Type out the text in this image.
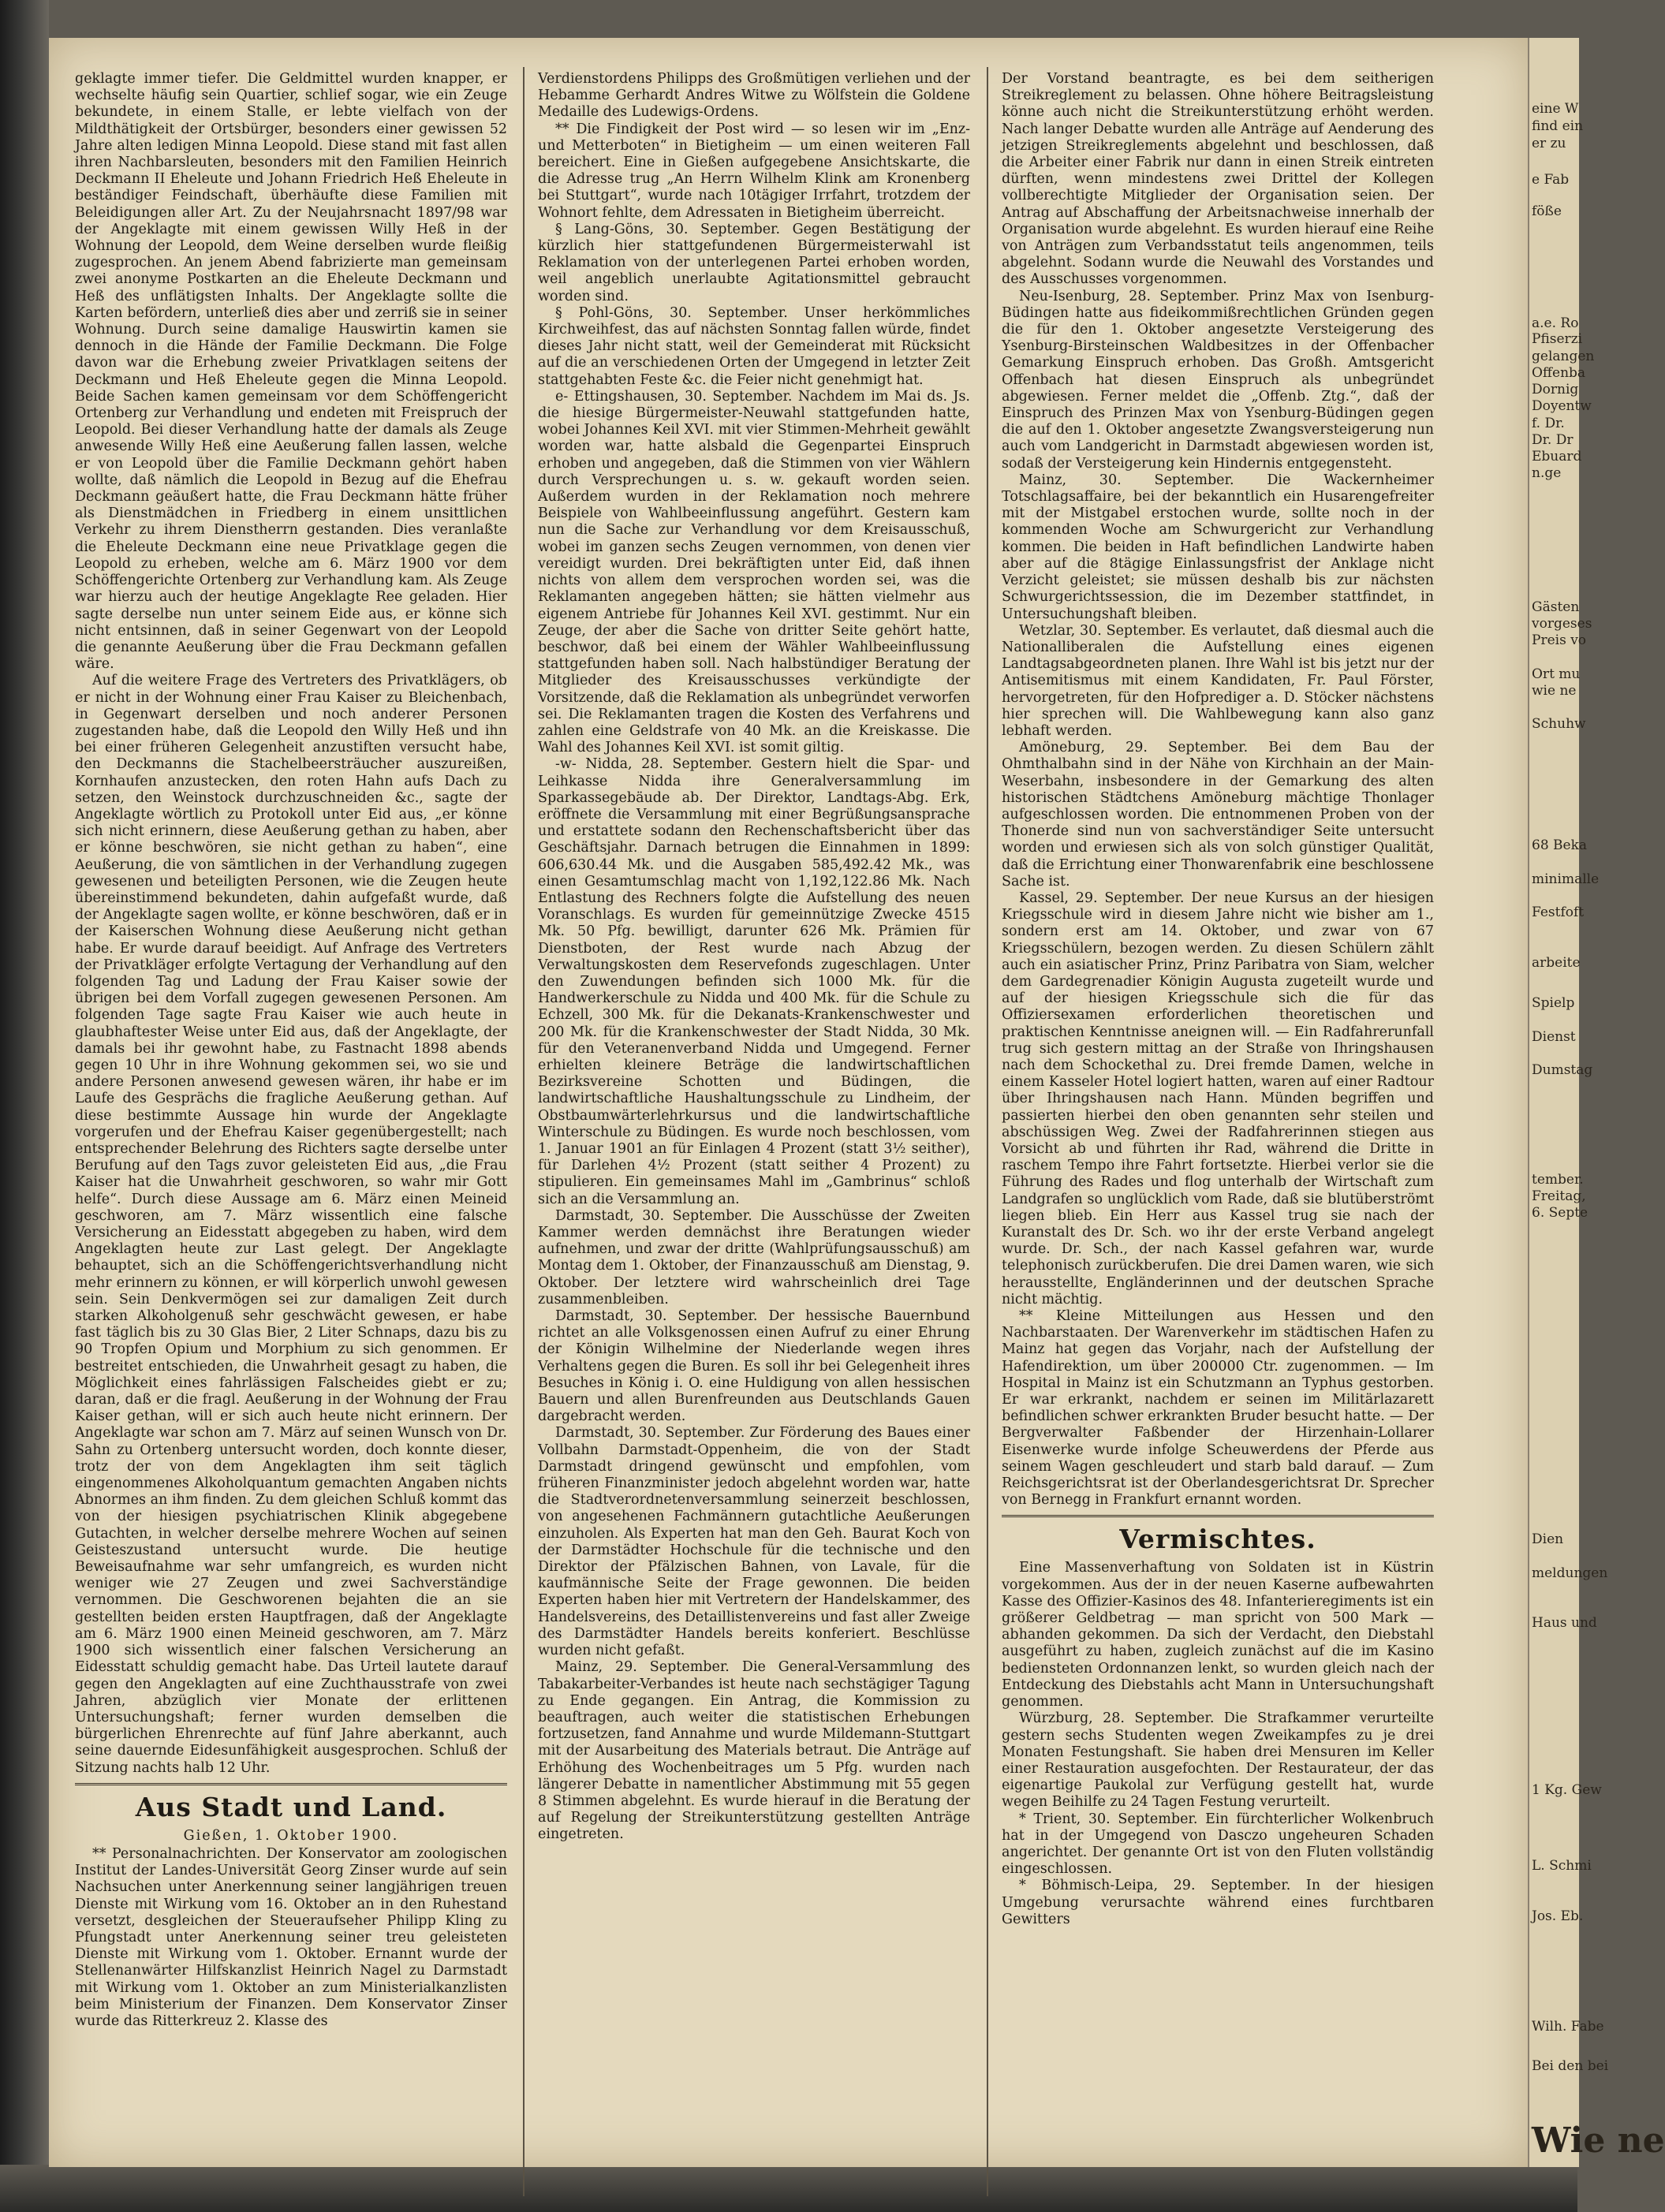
geklagte immer tiefer. Die Geldmittel wurden knapper, er wechselte häufig sein Quartier, schlief sogar, wie ein Zeuge bekundete, in einem Stalle, er lebte vielfach von der Mildthätigkeit der Ortsbürger, besonders einer gewissen 52 Jahre alten ledigen Minna Leopold. Diese stand mit fast allen ihren Nachbarsleuten, besonders mit den Familien Heinrich Deckmann II Eheleute und Johann Friedrich Heß Eheleute in beständiger Feindschaft, überhäufte diese Familien mit Beleidigungen aller Art. Zu der Neujahrsnacht 1897/98 war der Angeklagte mit einem gewissen Willy Heß in der Wohnung der Leopold, dem Weine derselben wurde fleißig zugesprochen. An jenem Abend fabrizierte man gemeinsam zwei anonyme Postkarten an die Eheleute Deckmann und Heß des unflätigsten Inhalts. Der Angeklagte sollte die Karten befördern, unterließ dies aber und zerriß sie in seiner Wohnung. Durch seine damalige Hauswirtin kamen sie dennoch in die Hände der Familie Deckmann. Die Folge davon war die Erhebung zweier Privatklagen seitens der Deckmann und Heß Eheleute gegen die Minna Leopold. Beide Sachen kamen gemeinsam vor dem Schöffengericht Ortenberg zur Verhandlung und endeten mit Freispruch der Leopold. Bei dieser Verhandlung hatte der damals als Zeuge anwesende Willy Heß eine Aeußerung fallen lassen, welche er von Leopold über die Familie Deckmann gehört haben wollte, daß nämlich die Leopold in Bezug auf die Ehefrau Deckmann geäußert hatte, die Frau Deckmann hätte früher als Dienstmädchen in Friedberg in einem unsittlichen Verkehr zu ihrem Dienstherrn gestanden. Dies veranlaßte die Eheleute Deckmann eine neue Privatklage gegen die Leopold zu erheben, welche am 6. März 1900 vor dem Schöffengerichte Ortenberg zur Verhandlung kam. Als Zeuge war hierzu auch der heutige Angeklagte Ree geladen. Hier sagte derselbe nun unter seinem Eide aus, er könne sich nicht entsinnen, daß in seiner Gegenwart von der Leopold die genannte Aeußerung über die Frau Deckmann gefallen wäre.

Auf die weitere Frage des Vertreters des Privatklägers, ob er nicht in der Wohnung einer Frau Kaiser zu Bleichenbach, in Gegenwart derselben und noch anderer Personen zugestanden habe, daß die Leopold den Willy Heß und ihn bei einer früheren Gelegenheit anzustiften versucht habe, den Deckmanns die Stachelbeersträucher auszureißen, Kornhaufen anzustecken, den roten Hahn aufs Dach zu setzen, den Weinstock durchzuschneiden &c., sagte der Angeklagte wörtlich zu Protokoll unter Eid aus, „er könne sich nicht erinnern, diese Aeußerung gethan zu haben, aber er könne beschwören, sie nicht gethan zu haben“, eine Aeußerung, die von sämtlichen in der Verhandlung zugegen gewesenen und beteiligten Personen, wie die Zeugen heute übereinstimmend bekundeten, dahin aufgefaßt wurde, daß der Angeklagte sagen wollte, er könne beschwören, daß er in der Kaiserschen Wohnung diese Aeußerung nicht gethan habe. Er wurde darauf beeidigt. Auf Anfrage des Vertreters der Privatkläger erfolgte Vertagung der Verhandlung auf den folgenden Tag und Ladung der Frau Kaiser sowie der übrigen bei dem Vorfall zugegen gewesenen Personen. Am folgenden Tage sagte Frau Kaiser wie auch heute in glaubhaftester Weise unter Eid aus, daß der Angeklagte, der damals bei ihr gewohnt habe, zu Fastnacht 1898 abends gegen 10 Uhr in ihre Wohnung gekommen sei, wo sie und andere Personen anwesend gewesen wären, ihr habe er im Laufe des Gesprächs die fragliche Aeußerung gethan. Auf diese bestimmte Aussage hin wurde der Angeklagte vorgerufen und der Ehefrau Kaiser gegenübergestellt; nach entsprechender Belehrung des Richters sagte derselbe unter Berufung auf den Tags zuvor geleisteten Eid aus, „die Frau Kaiser hat die Unwahrheit geschworen, so wahr mir Gott helfe“. Durch diese Aussage am 6. März einen Meineid geschworen, am 7. März wissentlich eine falsche Versicherung an Eidesstatt abgegeben zu haben, wird dem Angeklagten heute zur Last gelegt. Der Angeklagte behauptet, sich an die Schöffengerichtsverhandlung nicht mehr erinnern zu können, er will körperlich unwohl gewesen sein. Sein Denkvermögen sei zur damaligen Zeit durch starken Alkoholgenuß sehr geschwächt gewesen, er habe fast täglich bis zu 30 Glas Bier, 2 Liter Schnaps, dazu bis zu 90 Tropfen Opium und Morphium zu sich genommen. Er bestreitet entschieden, die Unwahrheit gesagt zu haben, die Möglichkeit eines fahrlässigen Falscheides giebt er zu; daran, daß er die fragl. Aeußerung in der Wohnung der Frau Kaiser gethan, will er sich auch heute nicht erinnern. Der Angeklagte war schon am 7. März auf seinen Wunsch von Dr. Sahn zu Ortenberg untersucht worden, doch konnte dieser, trotz der von dem Angeklagten ihm seit täglich eingenommenes Alkoholquantum gemachten Angaben nichts Abnormes an ihm finden. Zu dem gleichen Schluß kommt das von der hiesigen psychiatrischen Klinik abgegebene Gutachten, in welcher derselbe mehrere Wochen auf seinen Geisteszustand untersucht wurde. Die heutige Beweisaufnahme war sehr umfangreich, es wurden nicht weniger wie 27 Zeugen und zwei Sachverständige vernommen. Die Geschworenen bejahten die an sie gestellten beiden ersten Hauptfragen, daß der Angeklagte am 6. März 1900 einen Meineid geschworen, am 7. März 1900 sich wissentlich einer falschen Versicherung an Eidesstatt schuldig gemacht habe. Das Urteil lautete darauf gegen den Angeklagten auf eine Zuchthausstrafe von zwei Jahren, abzüglich vier Monate der erlittenen Untersuchungshaft; ferner wurden demselben die bürgerlichen Ehrenrechte auf fünf Jahre aberkannt, auch seine dauernde Eidesunfähigkeit ausgesprochen. Schluß der Sitzung nachts halb 12 Uhr.

Aus Stadt und Land.
Gießen, 1. Oktober 1900.

** Personalnachrichten. Der Konservator am zoologischen Institut der Landes-Universität Georg Zinser wurde auf sein Nachsuchen unter Anerkennung seiner langjährigen treuen Dienste mit Wirkung vom 16. Oktober an in den Ruhestand versetzt, desgleichen der Steueraufseher Philipp Kling zu Pfungstadt unter Anerkennung seiner treu geleisteten Dienste mit Wirkung vom 1. Oktober. Ernannt wurde der Stellenanwärter Hilfskanzlist Heinrich Nagel zu Darmstadt mit Wirkung vom 1. Oktober an zum Ministerialkanzlisten beim Ministerium der Finanzen. Dem Konservator Zinser wurde das Ritterkreuz 2. Klasse des

Verdienstordens Philipps des Großmütigen verliehen und der Hebamme Gerhardt Andres Witwe zu Wölfstein die Goldene Medaille des Ludewigs-Ordens.

** Die Findigkeit der Post wird — so lesen wir im „Enz- und Metterboten“ in Bietigheim — um einen weiteren Fall bereichert. Eine in Gießen aufgegebene Ansichtskarte, die die Adresse trug „An Herrn Wilhelm Klink am Kronenberg bei Stuttgart“, wurde nach 10tägiger Irrfahrt, trotzdem der Wohnort fehlte, dem Adressaten in Bietigheim überreicht.

§ Lang-Göns, 30. September. Gegen Bestätigung der kürzlich hier stattgefundenen Bürgermeisterwahl ist Reklamation von der unterlegenen Partei erhoben worden, weil angeblich unerlaubte Agitationsmittel gebraucht worden sind.

§ Pohl-Göns, 30. September. Unser herkömmliches Kirchweihfest, das auf nächsten Sonntag fallen würde, findet dieses Jahr nicht statt, weil der Gemeinderat mit Rücksicht auf die an verschiedenen Orten der Umgegend in letzter Zeit stattgehabten Feste &c. die Feier nicht genehmigt hat.

e- Ettingshausen, 30. September. Nachdem im Mai ds. Js. die hiesige Bürgermeister-Neuwahl stattgefunden hatte, wobei Johannes Keil XVI. mit vier Stimmen-Mehrheit gewählt worden war, hatte alsbald die Gegenpartei Einspruch erhoben und angegeben, daß die Stimmen von vier Wählern durch Versprechungen u. s. w. gekauft worden seien. Außerdem wurden in der Reklamation noch mehrere Beispiele von Wahlbeeinflussung angeführt. Gestern kam nun die Sache zur Verhandlung vor dem Kreisausschuß, wobei im ganzen sechs Zeugen vernommen, von denen vier vereidigt wurden. Drei bekräftigten unter Eid, daß ihnen nichts von allem dem versprochen worden sei, was die Reklamanten angegeben hätten; sie hätten vielmehr aus eigenem Antriebe für Johannes Keil XVI. gestimmt. Nur ein Zeuge, der aber die Sache von dritter Seite gehört hatte, beschwor, daß bei einem der Wähler Wahlbeeinflussung stattgefunden haben soll. Nach halbstündiger Beratung der Mitglieder des Kreisausschusses verkündigte der Vorsitzende, daß die Reklamation als unbegründet verworfen sei. Die Reklamanten tragen die Kosten des Verfahrens und zahlen eine Geldstrafe von 40 Mk. an die Kreiskasse. Die Wahl des Johannes Keil XVI. ist somit giltig.

-w- Nidda, 28. September. Gestern hielt die Spar- und Leihkasse Nidda ihre Generalversammlung im Sparkassegebäude ab. Der Direktor, Landtags-Abg. Erk, eröffnete die Versammlung mit einer Begrüßungsansprache und erstattete sodann den Rechenschaftsbericht über das Geschäftsjahr. Darnach betrugen die Einnahmen in 1899: 606,630.44 Mk. und die Ausgaben 585,492.42 Mk., was einen Gesamtumschlag macht von 1,192,122.86 Mk. Nach Entlastung des Rechners folgte die Aufstellung des neuen Voranschlags. Es wurden für gemeinnützige Zwecke 4515 Mk. 50 Pfg. bewilligt, darunter 626 Mk. Prämien für Dienstboten, der Rest wurde nach Abzug der Verwaltungskosten dem Reservefonds zugeschlagen. Unter den Zuwendungen befinden sich 1000 Mk. für die Handwerkerschule zu Nidda und 400 Mk. für die Schule zu Echzell, 300 Mk. für die Dekanats-Krankenschwester und 200 Mk. für die Krankenschwester der Stadt Nidda, 30 Mk. für den Veteranenverband Nidda und Umgegend. Ferner erhielten kleinere Beträge die landwirtschaftlichen Bezirksvereine Schotten und Büdingen, die landwirtschaftliche Haushaltungsschule zu Lindheim, der Obstbaumwärterlehrkursus und die landwirtschaftliche Winterschule zu Büdingen. Es wurde noch beschlossen, vom 1. Januar 1901 an für Einlagen 4 Prozent (statt 3½ seither), für Darlehen 4½ Prozent (statt seither 4 Prozent) zu stipulieren. Ein gemeinsames Mahl im „Gambrinus“ schloß sich an die Versammlung an.

Darmstadt, 30. September. Die Ausschüsse der Zweiten Kammer werden demnächst ihre Beratungen wieder aufnehmen, und zwar der dritte (Wahlprüfungsausschuß) am Montag dem 1. Oktober, der Finanzausschuß am Dienstag, 9. Oktober. Der letztere wird wahrscheinlich drei Tage zusammenbleiben.

Darmstadt, 30. September. Der hessische Bauernbund richtet an alle Volksgenossen einen Aufruf zu einer Ehrung der Königin Wilhelmine der Niederlande wegen ihres Verhaltens gegen die Buren. Es soll ihr bei Gelegenheit ihres Besuches in König i. O. eine Huldigung von allen hessischen Bauern und allen Burenfreunden aus Deutschlands Gauen dargebracht werden.

Darmstadt, 30. September. Zur Förderung des Baues einer Vollbahn Darmstadt-Oppenheim, die von der Stadt Darmstadt dringend gewünscht und empfohlen, vom früheren Finanzminister jedoch abgelehnt worden war, hatte die Stadtverordnetenversammlung seinerzeit beschlossen, von angesehenen Fachmännern gutachtliche Aeußerungen einzuholen. Als Experten hat man den Geh. Baurat Koch von der Darmstädter Hochschule für die technische und den Direktor der Pfälzischen Bahnen, von Lavale, für die kaufmännische Seite der Frage gewonnen. Die beiden Experten haben hier mit Vertretern der Handelskammer, des Handelsvereins, des Detaillistenvereins und fast aller Zweige des Darmstädter Handels bereits konferiert. Beschlüsse wurden nicht gefaßt.

Mainz, 29. September. Die General-Versammlung des Tabakarbeiter-Verbandes ist heute nach sechstägiger Tagung zu Ende gegangen. Ein Antrag, die Kommission zu beauftragen, auch weiter die statistischen Erhebungen fortzusetzen, fand Annahme und wurde Mildemann-Stuttgart mit der Ausarbeitung des Materials betraut. Die Anträge auf Erhöhung des Wochenbeitrages um 5 Pfg. wurden nach längerer Debatte in namentlicher Abstimmung mit 55 gegen 8 Stimmen abgelehnt. Es wurde hierauf in die Beratung der auf Regelung der Streikunterstützung gestellten Anträge eingetreten.

Der Vorstand beantragte, es bei dem seitherigen Streikreglement zu belassen. Ohne höhere Beitragsleistung könne auch nicht die Streikunterstützung erhöht werden. Nach langer Debatte wurden alle Anträge auf Aenderung des jetzigen Streikreglements abgelehnt und beschlossen, daß die Arbeiter einer Fabrik nur dann in einen Streik eintreten dürften, wenn mindestens zwei Drittel der Kollegen vollberechtigte Mitglieder der Organisation seien. Der Antrag auf Abschaffung der Arbeitsnachweise innerhalb der Organisation wurde abgelehnt. Es wurden hierauf eine Reihe von Anträgen zum Verbandsstatut teils angenommen, teils abgelehnt. Sodann wurde die Neuwahl des Vorstandes und des Ausschusses vorgenommen.

Neu-Isenburg, 28. September. Prinz Max von Isenburg-Büdingen hatte aus fideikommißrechtlichen Gründen gegen die für den 1. Oktober angesetzte Versteigerung des Ysenburg-Birsteinschen Waldbesitzes in der Offenbacher Gemarkung Einspruch erhoben. Das Großh. Amtsgericht Offenbach hat diesen Einspruch als unbegründet abgewiesen. Ferner meldet die „Offenb. Ztg.“, daß der Einspruch des Prinzen Max von Ysenburg-Büdingen gegen die auf den 1. Oktober angesetzte Zwangsversteigerung nun auch vom Landgericht in Darmstadt abgewiesen worden ist, sodaß der Versteigerung kein Hindernis entgegensteht.

Mainz, 30. September. Die Wackernheimer Totschlagsaffaire, bei der bekanntlich ein Husarengefreiter mit der Mistgabel erstochen wurde, sollte noch in der kommenden Woche am Schwurgericht zur Verhandlung kommen. Die beiden in Haft befindlichen Landwirte haben aber auf die 8tägige Einlassungsfrist der Anklage nicht Verzicht geleistet; sie müssen deshalb bis zur nächsten Schwurgerichtssession, die im Dezember stattfindet, in Untersuchungshaft bleiben.

Wetzlar, 30. September. Es verlautet, daß diesmal auch die Nationalliberalen die Aufstellung eines eigenen Landtagsabgeordneten planen. Ihre Wahl ist bis jetzt nur der Antisemitismus mit einem Kandidaten, Fr. Paul Förster, hervorgetreten, für den Hofprediger a. D. Stöcker nächstens hier sprechen will. Die Wahlbewegung kann also ganz lebhaft werden.

Amöneburg, 29. September. Bei dem Bau der Ohmthalbahn sind in der Nähe von Kirchhain an der Main-Weserbahn, insbesondere in der Gemarkung des alten historischen Städtchens Amöneburg mächtige Thonlager aufgeschlossen worden. Die entnommenen Proben von der Thonerde sind nun von sachverständiger Seite untersucht worden und erwiesen sich als von solch günstiger Qualität, daß die Errichtung einer Thonwarenfabrik eine beschlossene Sache ist.

Kassel, 29. September. Der neue Kursus an der hiesigen Kriegsschule wird in diesem Jahre nicht wie bisher am 1., sondern erst am 14. Oktober, und zwar von 67 Kriegsschülern, bezogen werden. Zu diesen Schülern zählt auch ein asiatischer Prinz, Prinz Paribatra von Siam, welcher dem Gardegrenadier Königin Augusta zugeteilt wurde und auf der hiesigen Kriegsschule sich die für das Offiziersexamen erforderlichen theoretischen und praktischen Kenntnisse aneignen will. — Ein Radfahrerunfall trug sich gestern mittag an der Straße von Ihringshausen nach dem Schockethal zu. Drei fremde Damen, welche in einem Kasseler Hotel logiert hatten, waren auf einer Radtour über Ihringshausen nach Hann. Münden begriffen und passierten hierbei den oben genannten sehr steilen und abschüssigen Weg. Zwei der Radfahrerinnen stiegen aus Vorsicht ab und führten ihr Rad, während die Dritte in raschem Tempo ihre Fahrt fortsetzte. Hierbei verlor sie die Führung des Rades und flog unterhalb der Wirtschaft zum Landgrafen so unglücklich vom Rade, daß sie blutüberströmt liegen blieb. Ein Herr aus Kassel trug sie nach der Kuranstalt des Dr. Sch. wo ihr der erste Verband angelegt wurde. Dr. Sch., der nach Kassel gefahren war, wurde telephonisch zurückberufen. Die drei Damen waren, wie sich herausstellte, Engländerinnen und der deutschen Sprache nicht mächtig.

** Kleine Mitteilungen aus Hessen und den Nachbarstaaten. Der Warenverkehr im städtischen Hafen zu Mainz hat gegen das Vorjahr, nach der Aufstellung der Hafendirektion, um über 200000 Ctr. zugenommen. — Im Hospital in Mainz ist ein Schutzmann an Typhus gestorben. Er war erkrankt, nachdem er seinen im Militärlazarett befindlichen schwer erkrankten Bruder besucht hatte. — Der Bergverwalter Faßbender der Hirzenhain-Lollarer Eisenwerke wurde infolge Scheuwerdens der Pferde aus seinem Wagen geschleudert und starb bald darauf. — Zum Reichsgerichtsrat ist der Oberlandesgerichtsrat Dr. Sprecher von Bernegg in Frankfurt ernannt worden.

Vermischtes.

Eine Massenverhaftung von Soldaten ist in Küstrin vorgekommen. Aus der in der neuen Kaserne aufbewahrten Kasse des Offizier-Kasinos des 48. Infanterieregiments ist ein größerer Geldbetrag — man spricht von 500 Mark — abhanden gekommen. Da sich der Verdacht, den Diebstahl ausgeführt zu haben, zugleich zunächst auf die im Kasino bediensteten Ordonnanzen lenkt, so wurden gleich nach der Entdeckung des Diebstahls acht Mann in Untersuchungshaft genommen.

Würzburg, 28. September. Die Strafkammer verurteilte gestern sechs Studenten wegen Zweikampfes zu je drei Monaten Festungshaft. Sie haben drei Mensuren im Keller einer Restauration ausgefochten. Der Restaurateur, der das eigenartige Paukolal zur Verfügung gestellt hat, wurde wegen Beihilfe zu 24 Tagen Festung verurteilt.

* Trient, 30. September. Ein fürchterlicher Wolkenbruch hat in der Umgegend von Dasczo ungeheuren Schaden angerichtet. Der genannte Ort ist von den Fluten vollständig eingeschlossen.

* Böhmisch-Leipa, 29. September. In der hiesigen Umgebung verursachte während eines furchtbaren Gewitters

eine W
find ein
er zu
e Fab
föße
a.e. Ro
Pfiserzi
gelangen
Offenba
Dornig
Doyentw
f. Dr.
Dr. Dr
Ebuard
n.ge
Gästen
vorgeses
Preis vo
Ort mu
wie ne
Schuhw
68 Beka
minimalle
Festfoft
arbeite
Spielp
Dienst
Dumstag
tember.
Freitag,
6. Septe
Dien
meldungen
Haus und
1 Kg. Gew
L. Schmi
Jos. Eb.
Wilh. Fabe
Bei den bei
Wie ne
